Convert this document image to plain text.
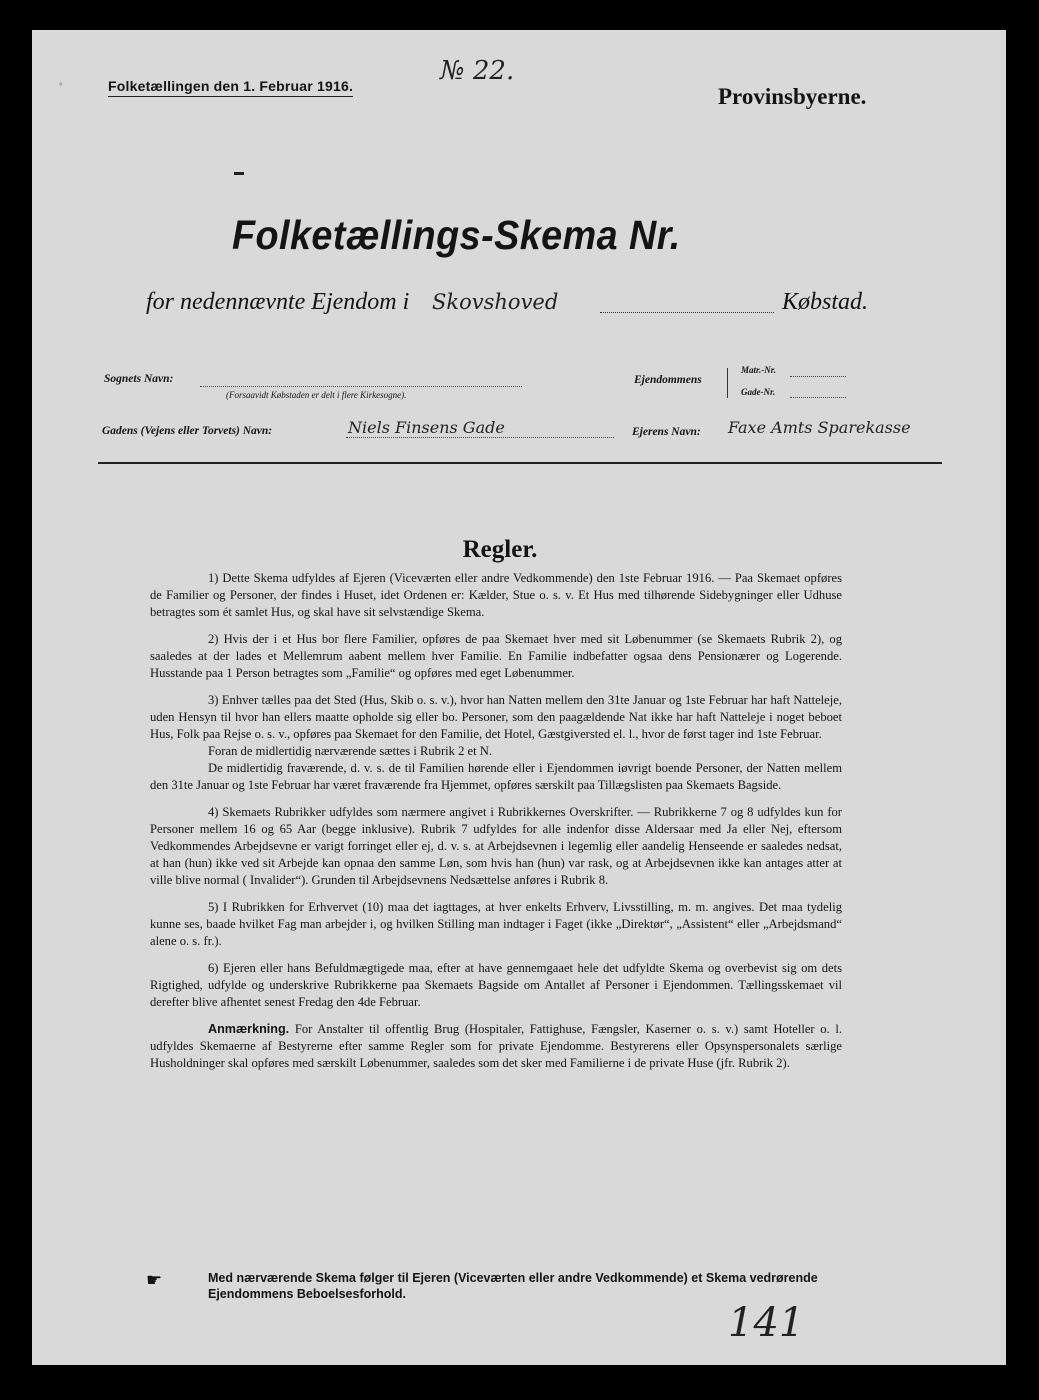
·	Folketællingen den 1. Februar 1916.	№ 22.
Provinsbyerne.
Folketællings-Skema Nr.
for nedennævnte Ejendom i Skovshoved	Købstad.
Sognets Navn:
(Forsaavidt Købstaden er delt i flere Kirkesogne).
Ejendommens
Matr.-Nr.
Gade-Nr.
Gadens (Vejens eller Torvets) Navn:	Niels Finsens Gade	Ejerens Navn: Faxe Amts Sparekasse
Regler.

1) Dette Skema udfyldes af Ejeren (Viceværten eller andre Vedkommende) den 1ste Februar 1916. — Paa Skemaet opføres de Familier og Personer, der findes i Huset, idet Ordenen er: Kælder, Stue o. s. v. Et Hus med tilhørende Sidebygninger eller Udhuse betragtes som ét samlet Hus, og skal have sit selvstændige Skema.

2) Hvis der i et Hus bor flere Familier, opføres de paa Skemaet hver med sit Løbenummer (se Skemaets Rubrik 2), og saaledes at der lades et Mellemrum aabent mellem hver Familie. En Familie indbefatter ogsaa dens Pensionærer og Logerende. Husstande paa 1 Person betragtes som „Familie“ og opføres med eget Løbenummer.

3) Enhver tælles paa det Sted (Hus, Skib o. s. v.), hvor han Natten mellem den 31te Januar og 1ste Februar har haft Natteleje, uden Hensyn til hvor han ellers maatte opholde sig eller bo. Personer, som den paagældende Nat ikke har haft Natteleje i noget beboet Hus, Folk paa Rejse o. s. v., opføres paa Skemaet for den Familie, det Hotel, Gæstgiversted el. l., hvor de først tager ind 1ste Februar.

Foran de midlertidig nærværende sættes i Rubrik 2 et N.

De midlertidig fraværende, d. v. s. de til Familien hørende eller i Ejendommen iøvrigt boende Personer, der Natten mellem den 31te Januar og 1ste Februar har været fraværende fra Hjemmet, opføres særskilt paa Tillægslisten paa Skemaets Bagside.

4) Skemaets Rubrikker udfyldes som nærmere angivet i Rubrikkernes Overskrifter. — Rubrikkerne 7 og 8 udfyldes kun for Personer mellem 16 og 65 Aar (begge inklusive). Rubrik 7 udfyldes for alle indenfor disse Aldersaar med Ja eller Nej, eftersom Vedkommendes Arbejdsevne er varigt forringet eller ej, d. v. s. at Arbejdsevnen i legemlig eller aandelig Henseende er saaledes nedsat, at han (hun) ikke ved sit Arbejde kan opnaa den samme Løn, som hvis han (hun) var rask, og at Arbejdsevnen ikke kan antages atter at ville blive normal ( Invalider“). Grunden til Arbejdsevnens Nedsættelse anføres i Rubrik 8.

5) I Rubrikken for Erhvervet (10) maa det iagttages, at hver enkelts Erhverv, Livsstilling, m. m. angives. Det maa tydelig kunne ses, baade hvilket Fag man arbejder i, og hvilken Stilling man indtager i Faget (ikke „Direktør“, „Assistent“ eller „Arbejdsmand“ alene o. s. fr.).

6) Ejeren eller hans Befuldmægtigede maa, efter at have gennemgaaet hele det udfyldte Skema og overbevist sig om dets Rigtighed, udfylde og underskrive Rubrikkerne paa Skemaets Bagside om Antallet af Personer i Ejendommen. Tællingsskemaet vil derefter blive afhentet senest Fredag den 4de Februar.

Anmærkning. For Anstalter til offentlig Brug (Hospitaler, Fattighuse, Fængsler, Kaserner o. s. v.) samt Hoteller o. l. udfyldes Skemaerne af Bestyrerne efter samme Regler som for private Ejendomme. Bestyrerens eller Opsynspersonalets særlige Husholdninger skal opføres med særskilt Løbenummer, saaledes som det sker med Familierne i de private Huse (jfr. Rubrik 2).

☛	Med nærværende Skema følger til Ejeren (Viceværten eller andre Vedkommende) et Skema vedrørende Ejendommens Beboelsesforhold.
141
